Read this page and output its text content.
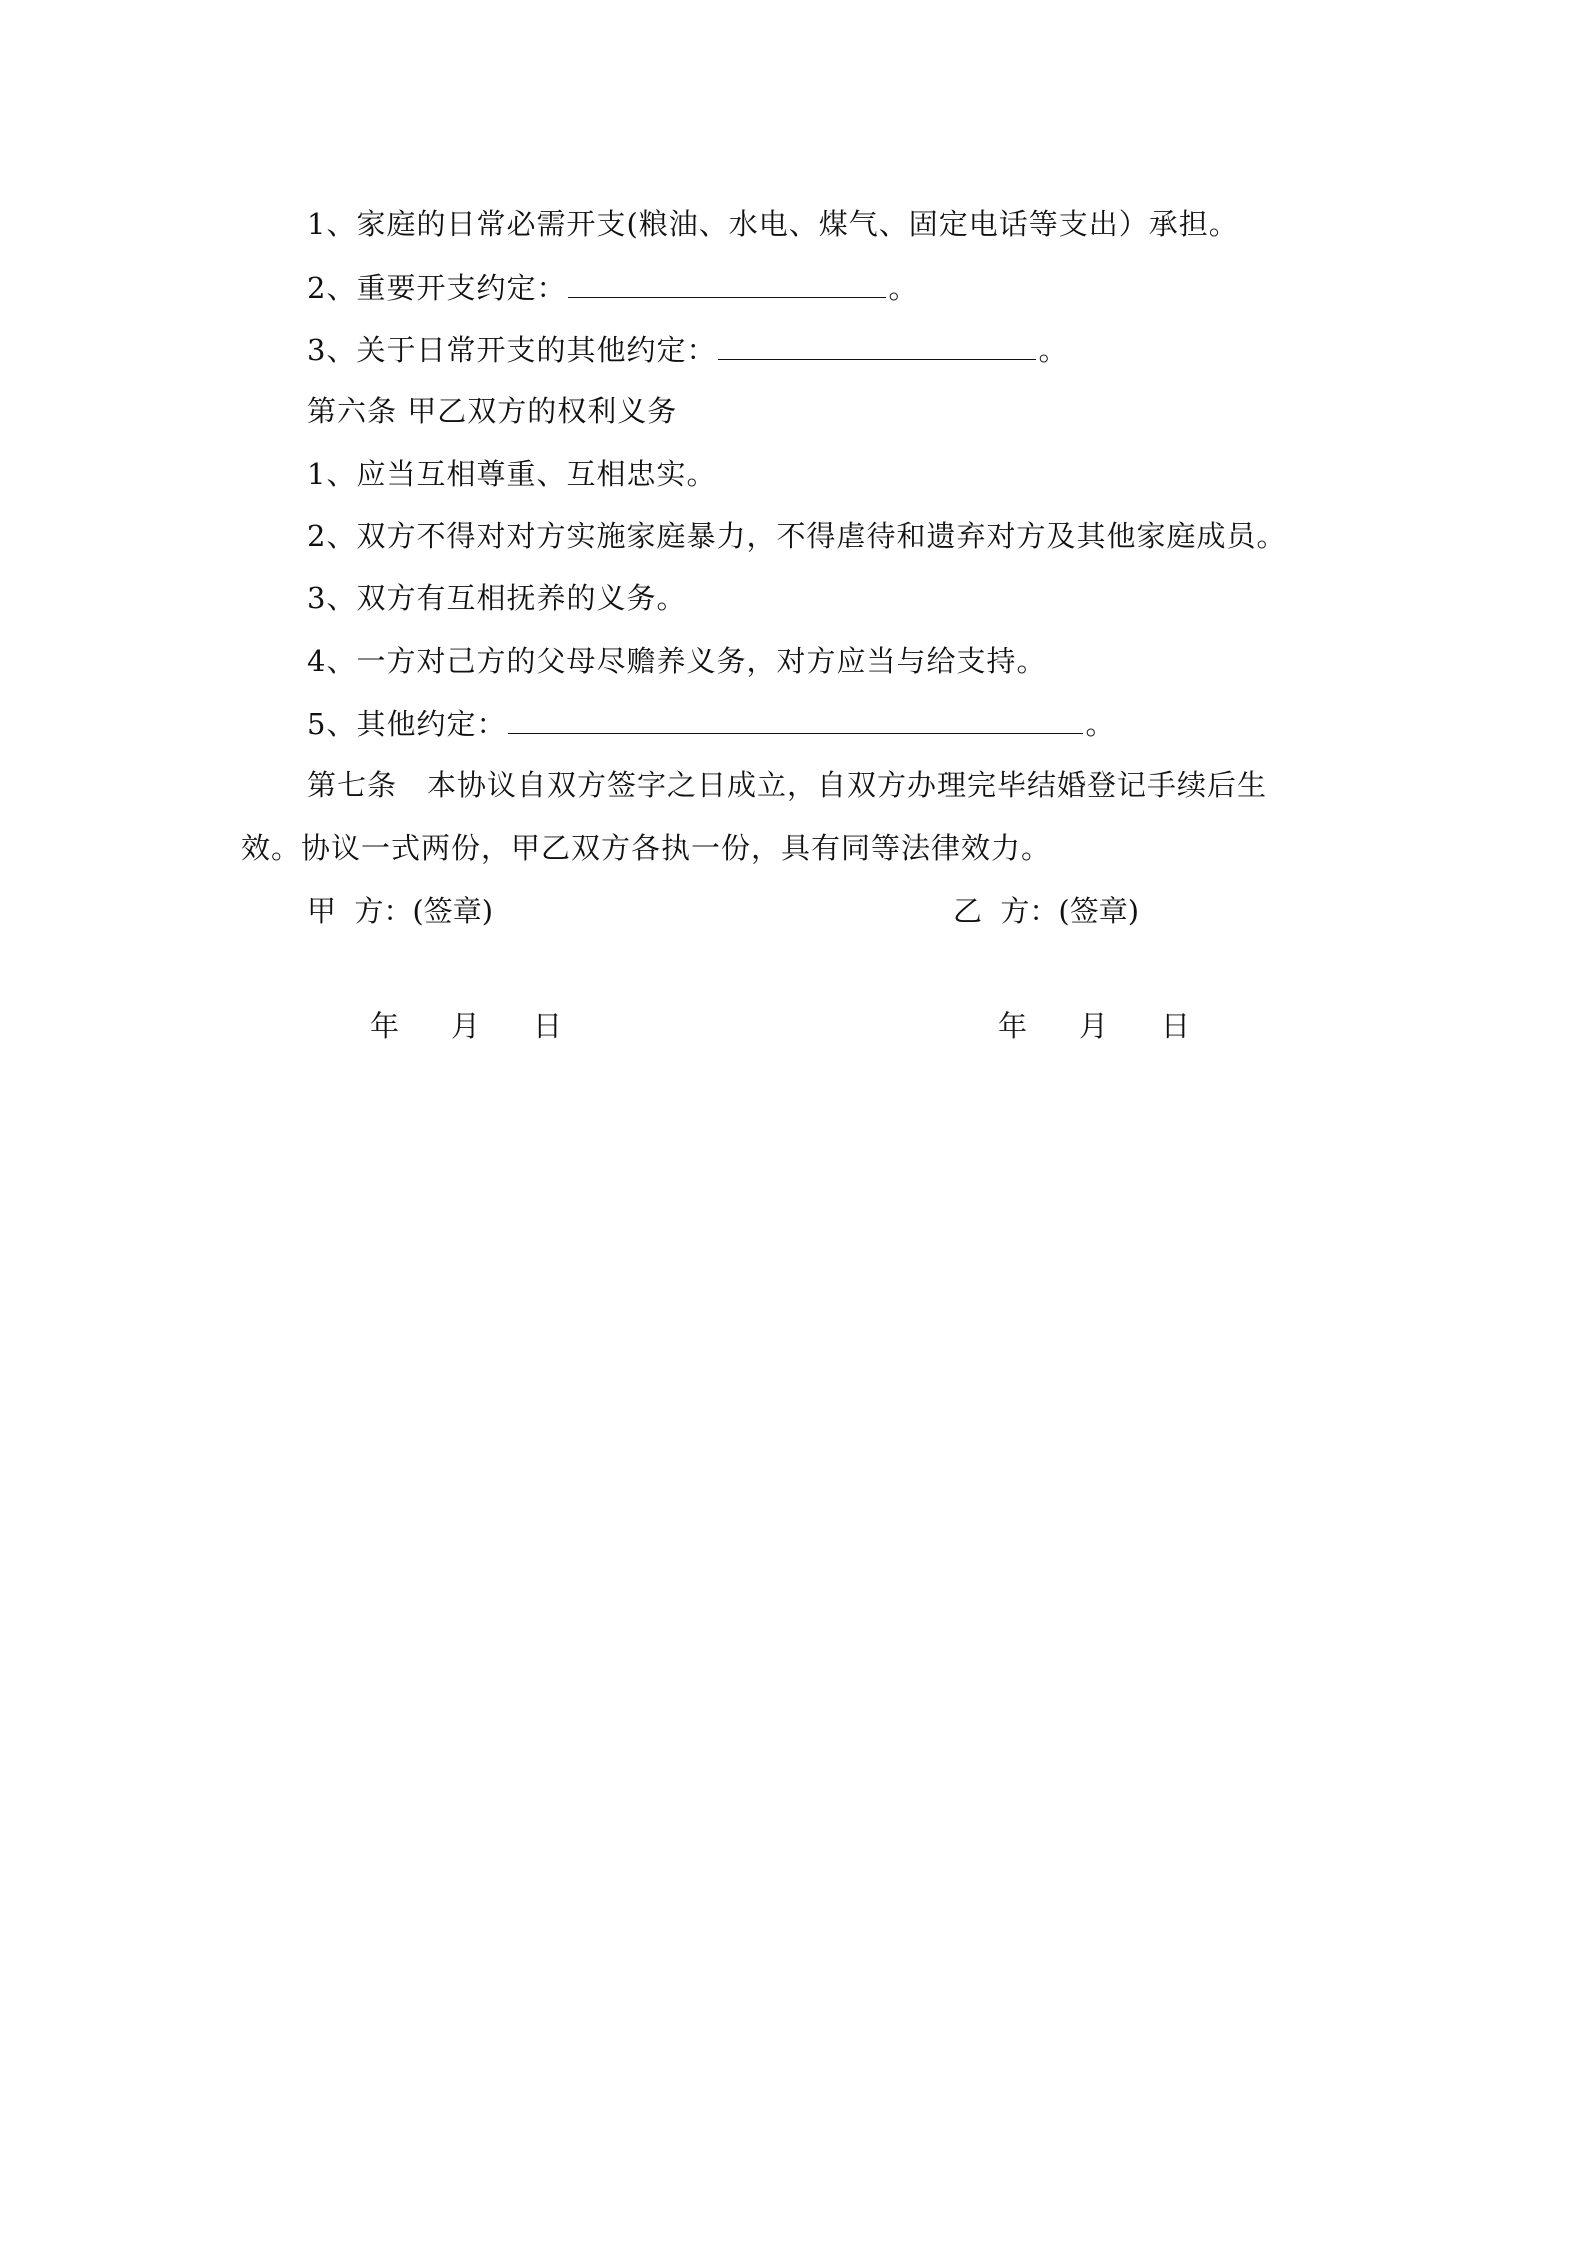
1、家庭的日常必需开支(粮油、水电、煤气、固定电话等支出）承担。
2、重要开支约定：	。
3、关于日常开支的其他约定：	。
第六条 甲乙双方的权利义务
1、应当互相尊重、互相忠实。
2、双方不得对对方实施家庭暴力，不得虐待和遗弃对方及其他家庭成员。
3、双方有互相抚养的义务。
4、一方对己方的父母尽赡养义务，对方应当与给支持。
5、其他约定：	。
第七条　本协议自双方签字之日成立，自双方办理完毕结婚登记手续后生
效。协议一式两份，甲乙双方各执一份，具有同等法律效力。
甲  方：(签章)	乙  方：(签章)
年 月 日	年 月 日
